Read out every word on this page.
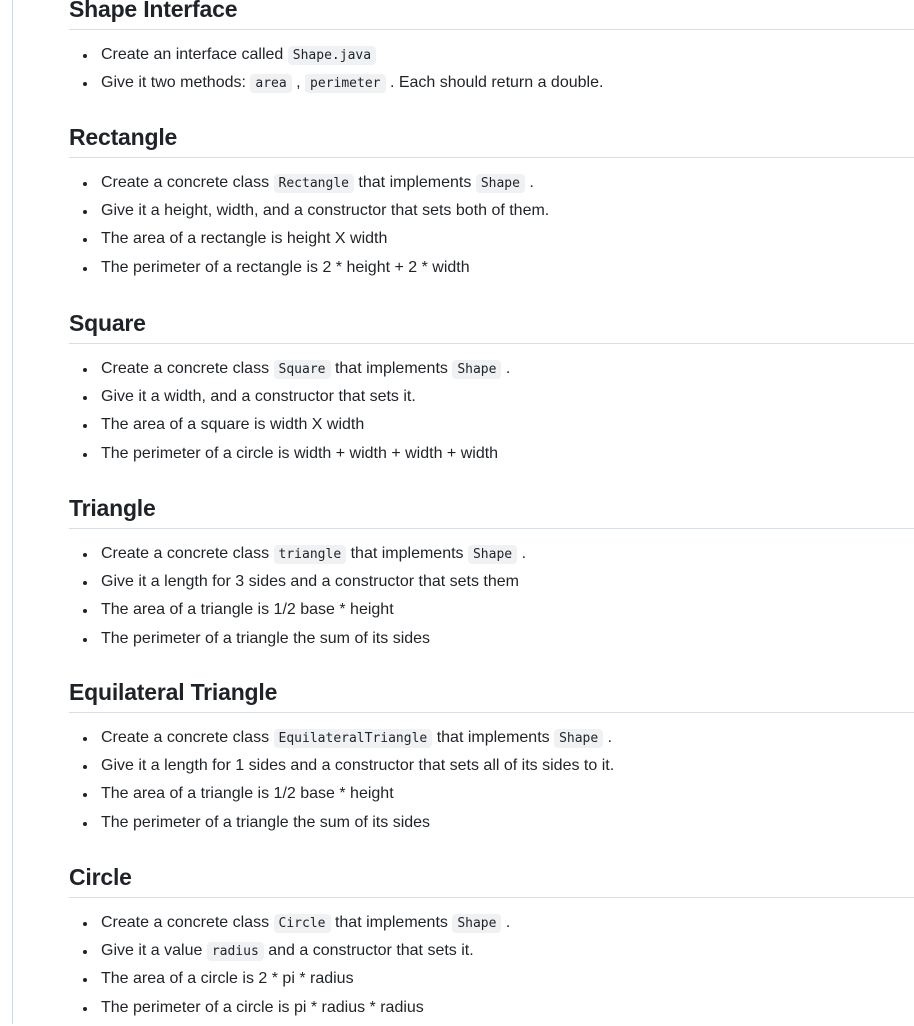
Shape Interface
Create an interface called Shape.java
Give it two methods: area , perimeter . Each should return a double.
Rectangle
Create a concrete class Rectangle that implements Shape .
Give it a height, width, and a constructor that sets both of them.
The area of a rectangle is height X width
The perimeter of a rectangle is 2 * height + 2 * width
Square
Create a concrete class Square that implements Shape .
Give it a width, and a constructor that sets it.
The area of a square is width X width
The perimeter of a circle is width + width + width + width
Triangle
Create a concrete class triangle that implements Shape .
Give it a length for 3 sides and a constructor that sets them
The area of a triangle is 1/2 base * height
The perimeter of a triangle the sum of its sides
Equilateral Triangle
Create a concrete class EquilateralTriangle that implements Shape .
Give it a length for 1 sides and a constructor that sets all of its sides to it.
The area of a triangle is 1/2 base * height
The perimeter of a triangle the sum of its sides
Circle
Create a concrete class Circle that implements Shape .
Give it a value radius and a constructor that sets it.
The area of a circle is 2 * pi * radius
The perimeter of a circle is pi * radius * radius
